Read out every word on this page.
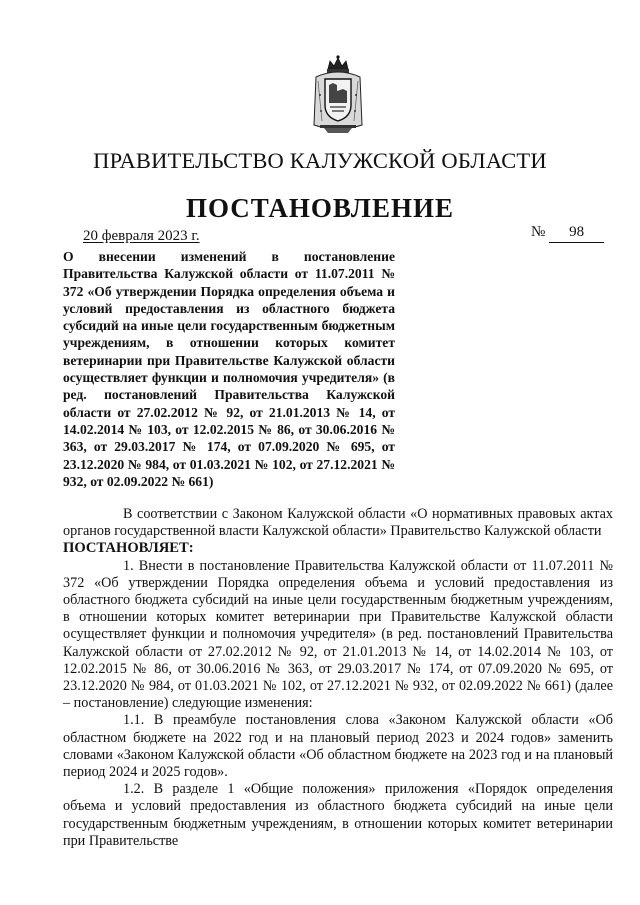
ПРАВИТЕЛЬСТВО КАЛУЖСКОЙ ОБЛАСТИ
ПОСТАНОВЛЕНИЕ
20 февраля 2023 г.	№ 98

О внесении изменений в постановление Правительства Калужской области от 11.07.2011 № 372 «Об утверждении Порядка определения объема и условий предоставления из областного бюджета субсидий на иные цели государственным бюджетным учреждениям, в отношении которых комитет ветеринарии при Правительстве Калужской области осуществляет функции и полномочия учредителя» (в ред. постановлений Правительства Калужской области от 27.02.2012 № 92, от 21.01.2013 № 14, от 14.02.2014 № 103, от 12.02.2015 № 86, от 30.06.2016 № 363, от 29.03.2017 № 174, от 07.09.2020 № 695, от 23.12.2020 № 984, от 01.03.2021 № 102, от 27.12.2021 № 932, от 02.09.2022 № 661)

В соответствии с Законом Калужской области «О нормативных правовых актах органов государственной власти Калужской области» Правительство Калужской области

ПОСТАНОВЛЯЕТ:

1. Внести в постановление Правительства Калужской области от 11.07.2011 № 372 «Об утверждении Порядка определения объема и условий предоставления из областного бюджета субсидий на иные цели государственным бюджетным учреждениям, в отношении которых комитет ветеринарии при Правительстве Калужской области осуществляет функции и полномочия учредителя» (в ред. постановлений Правительства Калужской области от 27.02.2012 № 92, от 21.01.2013 № 14, от 14.02.2014 № 103, от 12.02.2015 № 86, от 30.06.2016 № 363, от 29.03.2017 № 174, от 07.09.2020 № 695, от 23.12.2020 № 984, от 01.03.2021 № 102, от 27.12.2021 № 932, от 02.09.2022 № 661) (далее – постановление) следующие изменения:

1.1. В преамбуле постановления слова «Законом Калужской области «Об областном бюджете на 2022 год и на плановый период 2023 и 2024 годов» заменить словами «Законом Калужской области «Об областном бюджете на 2023 год и на плановый период 2024 и 2025 годов».

1.2. В разделе 1 «Общие положения» приложения «Порядок определения объема и условий предоставления из областного бюджета субсидий на иные цели государственным бюджетным учреждениям, в отношении которых комитет ветеринарии при Правительстве
